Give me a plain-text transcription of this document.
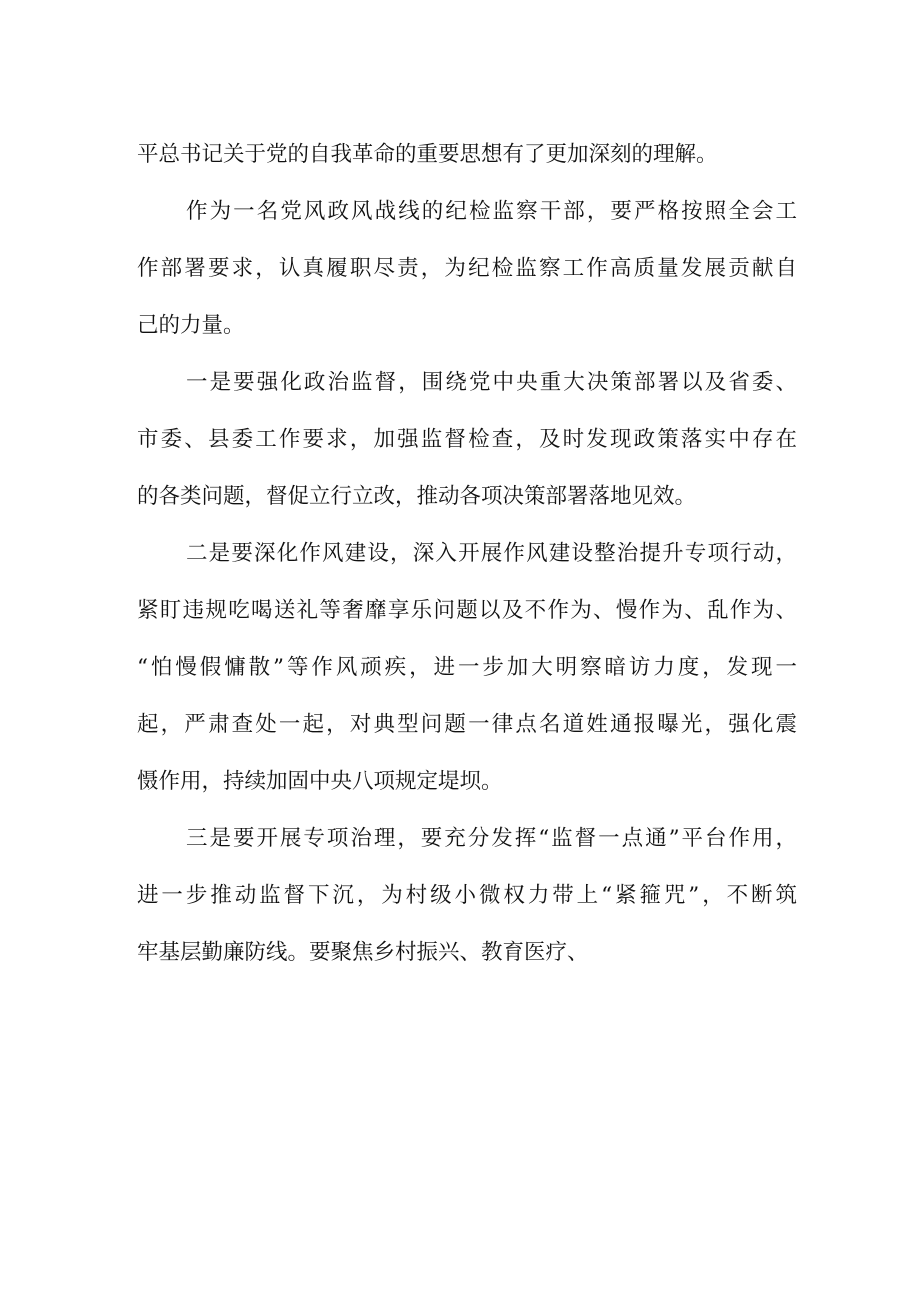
平总书记关于党的自我革命的重要思想有了更加深刻的理解。
作为一名党风政风战线的纪检监察干部，要严格按照全会工
作部署要求，认真履职尽责，为纪检监察工作高质量发展贡献自
己的力量。
一是要强化政治监督，围绕党中央重大决策部署以及省委、
市委、县委工作要求，加强监督检查，及时发现政策落实中存在
的各类问题，督促立行立改，推动各项决策部署落地见效。
二是要深化作风建设，深入开展作风建设整治提升专项行动，
紧盯违规吃喝送礼等奢靡享乐问题以及不作为、慢作为、乱作为、
“怕慢假慵散”等作风顽疾，进一步加大明察暗访力度，发现一
起，严肃查处一起，对典型问题一律点名道姓通报曝光，强化震
慑作用，持续加固中央八项规定堤坝。
三是要开展专项治理，要充分发挥“监督一点通”平台作用，
进一步推动监督下沉，为村级小微权力带上“紧箍咒”，不断筑
牢基层勤廉防线。要聚焦乡村振兴、教育医疗、
